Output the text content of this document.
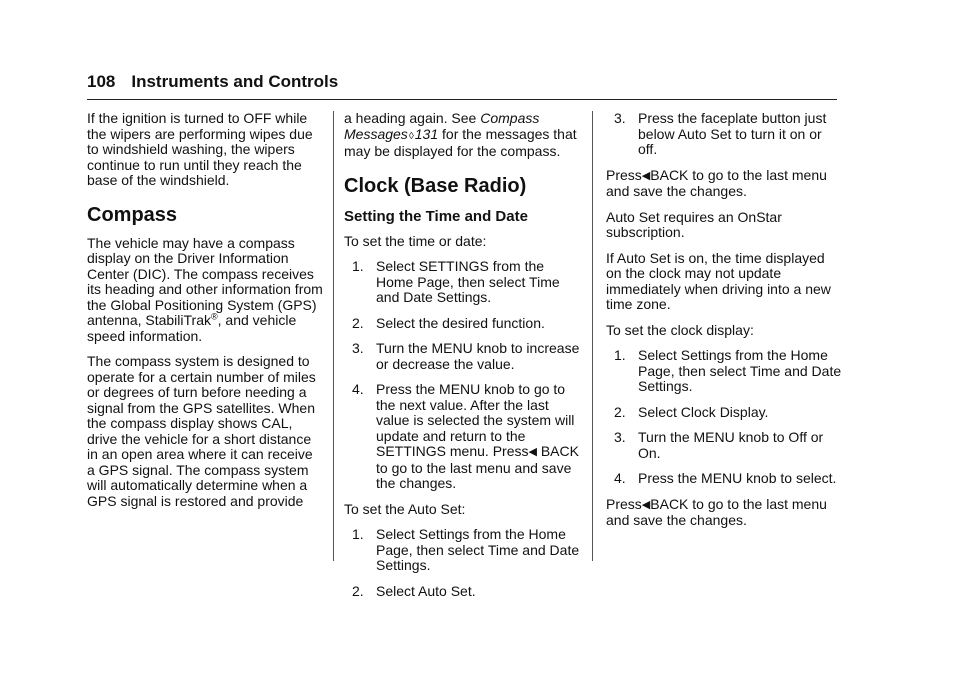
108 Instruments and Controls

If the ignition is turned to OFF while the wipers are performing wipes due to windshield washing, the wipers continue to run until they reach the base of the windshield.

Compass

The vehicle may have a compass display on the Driver Information Center (DIC). The compass receives its heading and other information from the Global Positioning System (GPS) antenna, StabiliTrak®, and vehicle speed information.

The compass system is designed to operate for a certain number of miles or degrees of turn before needing a signal from the GPS satellites. When the compass display shows CAL, drive the vehicle for a short distance in an open area where it can receive a GPS signal. The compass system will automatically determine when a GPS signal is restored and provide

a heading again. See Compass Messages◊131 for the messages that may be displayed for the compass.

Clock (Base Radio)
Setting the Time and Date

To set the time or date:

1. Select SETTINGS from the Home Page, then select Time and Date Settings.
2. Select the desired function.
3. Turn the MENU knob to increase or decrease the value.
4. Press the MENU knob to go to the next value. After the last value is selected the system will update and return to the SETTINGS menu. Press◀ BACK to go to the last menu and save the changes.

To set the Auto Set:

1. Select Settings from the Home Page, then select Time and Date Settings.
2. Select Auto Set.
3. Press the faceplate button just below Auto Set to turn it on or off.

Press◀BACK to go to the last menu and save the changes.

Auto Set requires an OnStar subscription.

If Auto Set is on, the time displayed on the clock may not update immediately when driving into a new time zone.

To set the clock display:

1. Select Settings from the Home Page, then select Time and Date Settings.
2. Select Clock Display.
3. Turn the MENU knob to Off or On.
4. Press the MENU knob to select.

Press◀BACK to go to the last menu and save the changes.
